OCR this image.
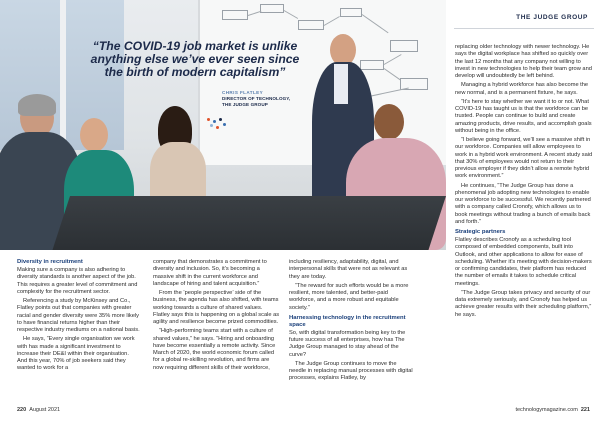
“The COVID-19 job market is unlike
anything else we’ve ever seen since
the birth of modern capitalism”
CHRIS FLATLEY
DIRECTOR OF TECHNOLOGY,
THE JUDGE GROUP
THE JUDGE GROUP
Diversity in recruitment

Making sure a company is also adhering to diversity standards is another aspect of the job. This requires a greater level of commitment and complexity for the recruitment sector.

Referencing a study by McKinsey and Co., Flatley points out that companies with greater racial and gender diversity were 35% more likely to have financial returns higher than their respective industry mediums on a national basis.

He says, “Every single organisation we work with has made a significant investment to increase their DE&I within their organisation. And this year, 70% of job seekers said they wanted to work for a

company that demonstrates a commitment to diversity and inclusion. So, it’s becoming a massive shift in the current workforce and landscape of hiring and talent acquisition.”

From the ‘people perspective’ side of the business, the agenda has also shifted, with teams working towards a culture of shared values. Flatley says this is happening on a global scale as agility and resilience become prized commodities.

“High-performing teams start with a culture of shared values,” he says. “Hiring and onboarding have become essentially a remote activity. Since March of 2020, the world economic forum called for a global re-skilling revolution, and firms are now requiring different skills of their workforce,

including resiliency, adaptability, digital, and interpersonal skills that were not as relevant as they are today.

“The reward for such efforts would be a more resilient, more talented, and better-paid workforce, and a more robust and equitable society.”

Harnessing technology in the recruitment space

So, with digital transformation being key to the future success of all enterprises, how has The Judge Group managed to stay ahead of the curve?

The Judge Group continues to move the needle in replacing manual processes with digital processes, explains Flatley, by

replacing older technology with newer technology. He says the digital workplace has shifted so quickly over the last 12 months that any company not willing to invest in new technologies to help their team grow and develop will undoubtedly be left behind.

Managing a hybrid workforce has also become the new normal, and is a permanent fixture, he says.

“It’s here to stay whether we want it to or not. What COVID-19 has taught us is that the workforce can be trusted. People can continue to build and create amazing products, drive results, and accomplish goals without being in the office.

“I believe going forward, we’ll see a massive shift in our workforce. Companies will allow employees to work in a hybrid work environment. A recent study said that 30% of employees would not return to their previous employer if they didn’t allow a remote hybrid work environment.”

He continues, “The Judge Group has done a phenomenal job adopting new technologies to enable our workforce to be successful. We recently partnered with a company called Cronofy, which allows us to book meetings without trading a bunch of emails back and forth.”

Strategic partners

Flatley describes Cronofy as a scheduling tool composed of embedded components, built into Outlook, and other applications to allow for ease of scheduling. Whether it’s meeting with decision-makers or confirming candidates, their platform has reduced the number of emails it takes to schedule critical meetings.

“The Judge Group takes privacy and security of our data extremely seriously, and Cronofy has helped us achieve greater results with their scheduling platform,” he says.

220 August 2021	technologymagazine.com 221
